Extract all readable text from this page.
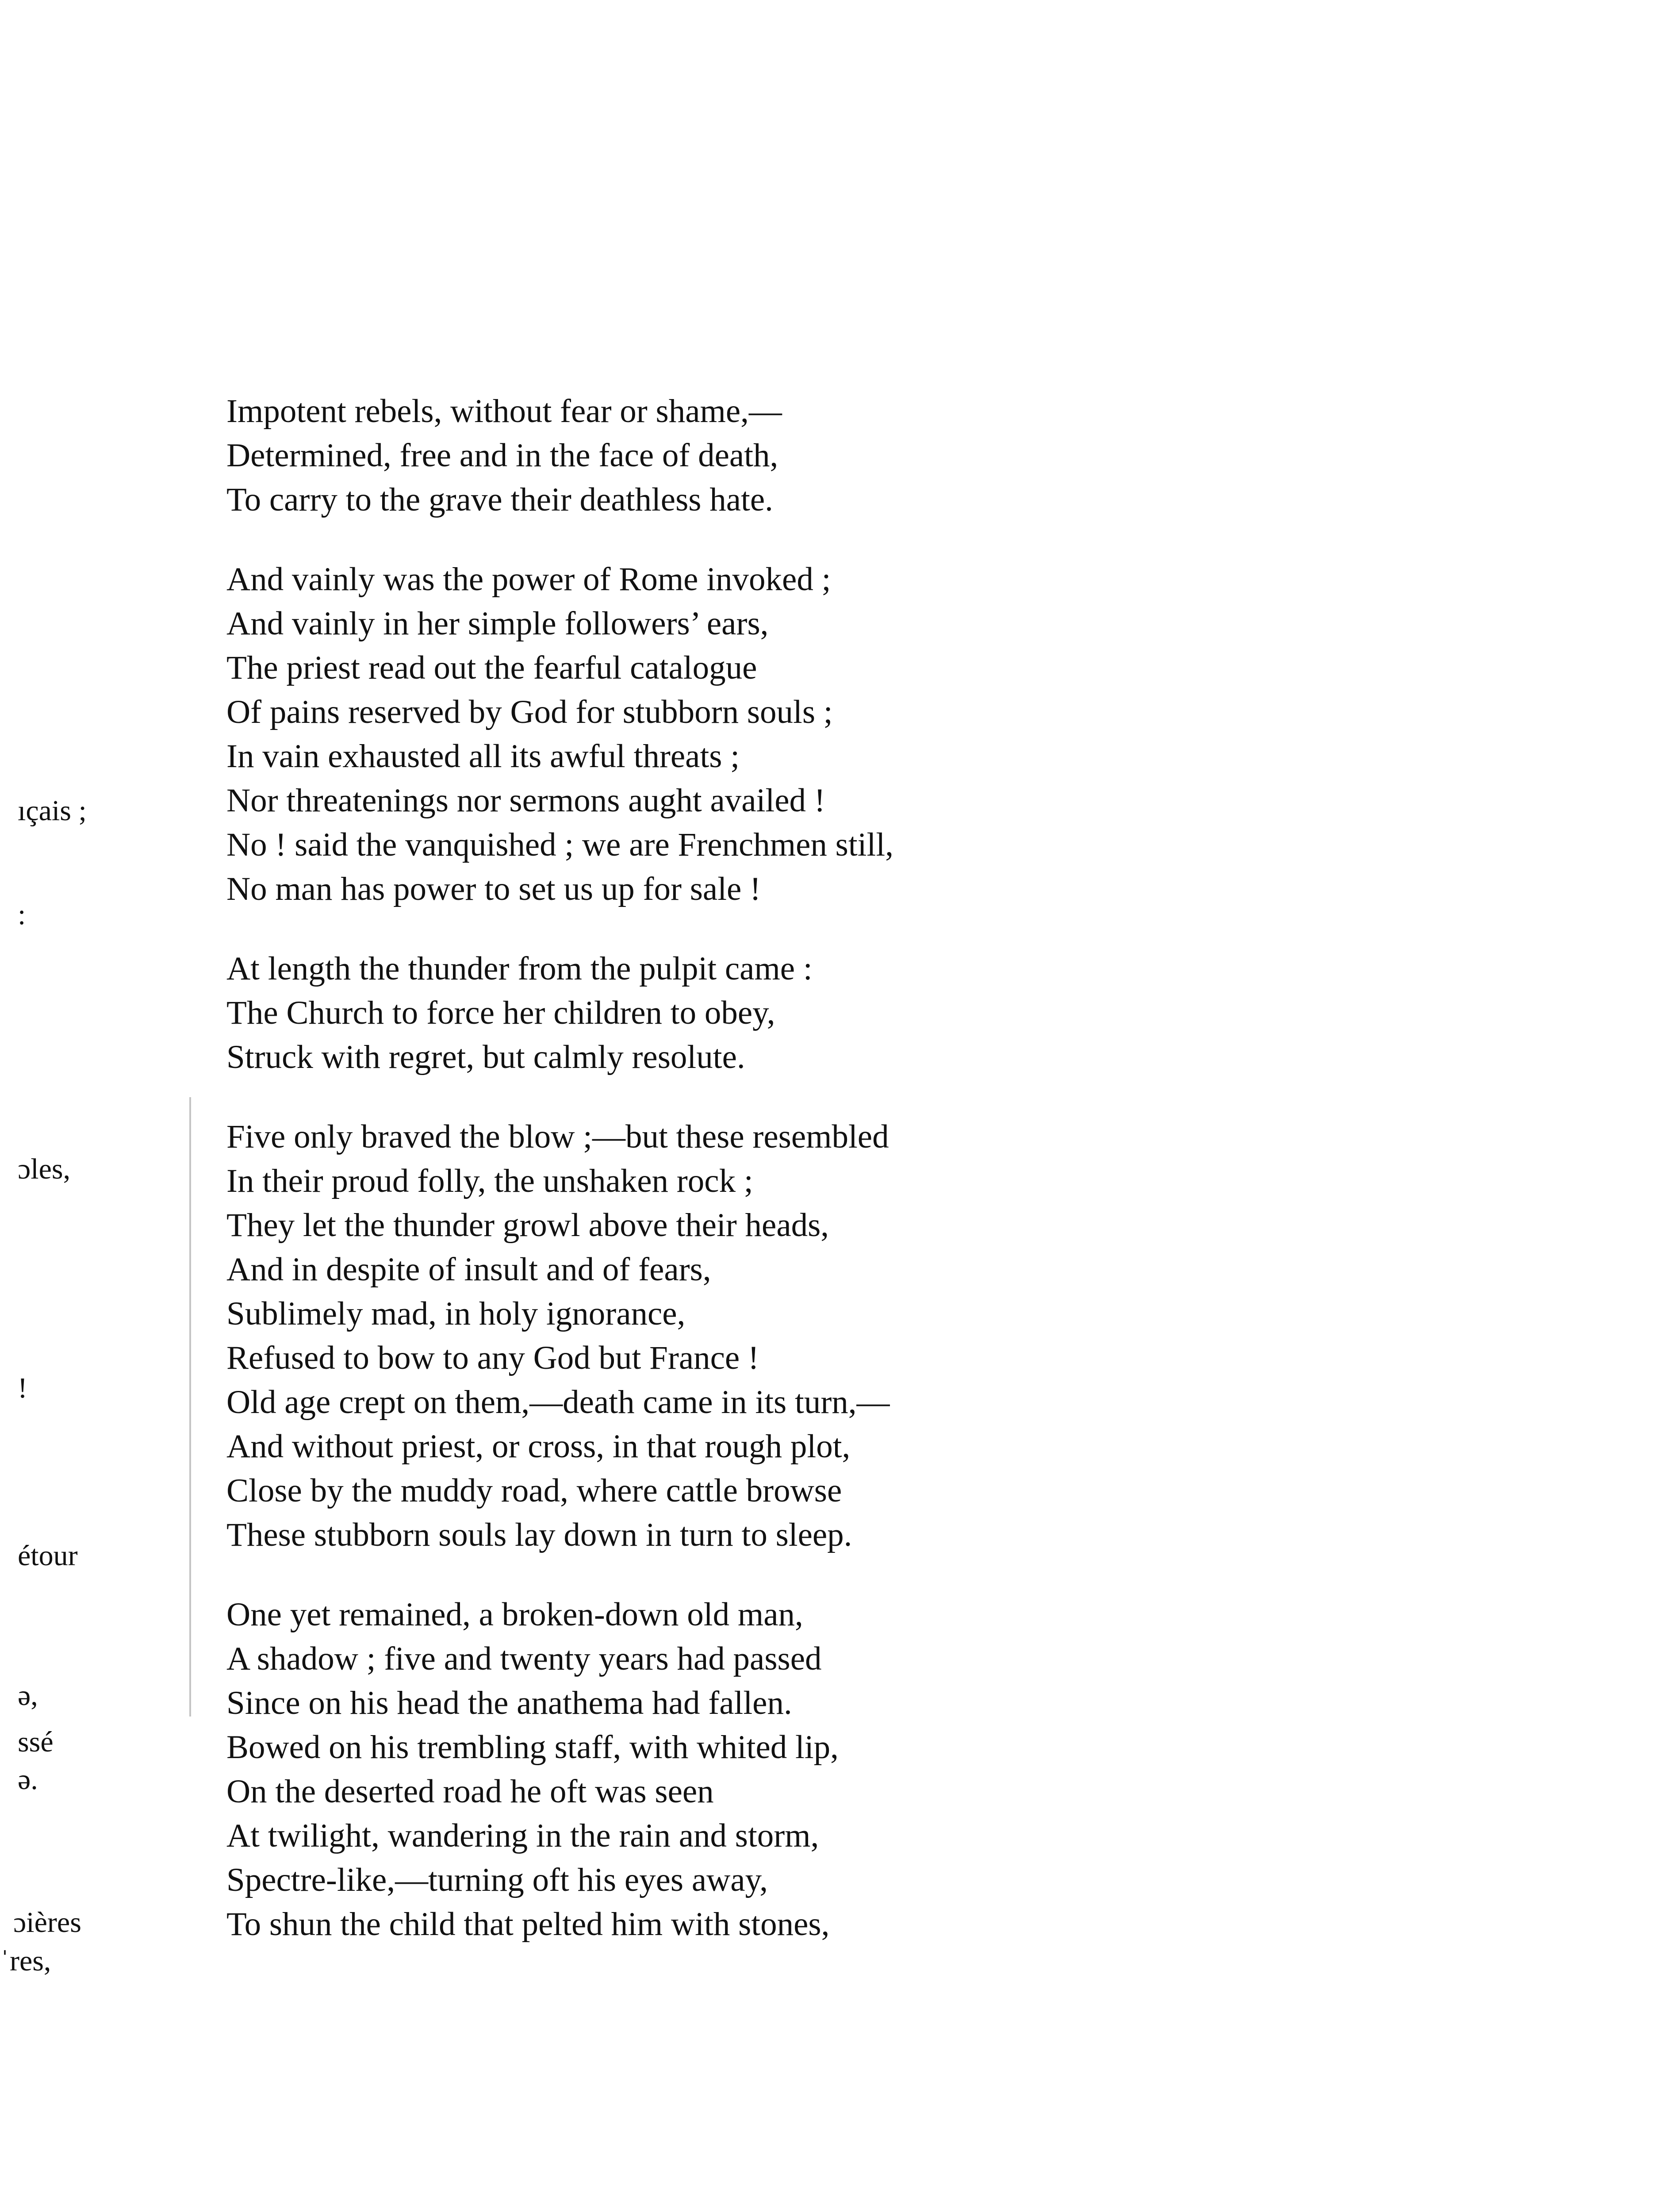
ıçais ;
:
ɔles,
!
étour
ə,
ssé
ə.
ɔières
ˈres,
Impotent rebels, without fear or shame,—
Determined, free and in the face of death,
To carry to the grave their deathless hate.
And vainly was the power of Rome invoked ;
And vainly in her simple followers’ ears,
The priest read out the fearful catalogue
Of pains reserved by God for stubborn souls ;
In vain exhausted all its awful threats ;
Nor threatenings nor sermons aught availed !
No ! said the vanquished ; we are Frenchmen still,
No man has power to set us up for sale !
At length the thunder from the pulpit came :
The Church to force her children to obey,
Struck with regret, but calmly resolute.
Five only braved the blow ;—but these resembled
In their proud folly, the unshaken rock ;
They let the thunder growl above their heads,
And in despite of insult and of fears,
Sublimely mad, in holy ignorance,
Refused to bow to any God but France !
Old age crept on them,—death came in its turn,—
And without priest, or cross, in that rough plot,
Close by the muddy road, where cattle browse
These stubborn souls lay down in turn to sleep.
One yet remained, a broken-down old man,
A shadow ; five and twenty years had passed
Since on his head the anathema had fallen.
Bowed on his trembling staff, with whited lip,
On the deserted road he oft was seen
At twilight, wandering in the rain and storm,
Spectre-like,—turning oft his eyes away,
To shun the child that pelted him with stones,
